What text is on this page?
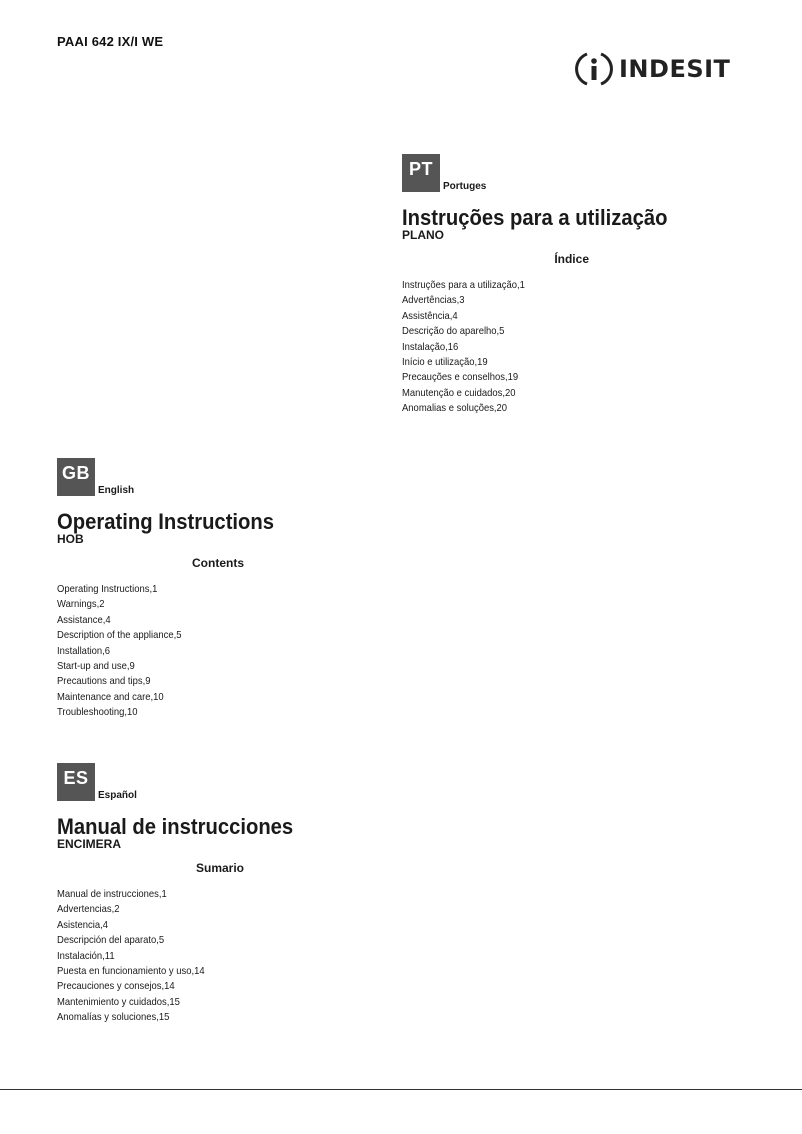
PAAI 642 IX/I WE
INDESIT
PT
Portuges
Instruções para a utilização
PLANO
Índice
Instruções para a utilização,1
Advertências,3
Assistência,4
Descrição do aparelho,5
Instalação,16
Início e utilização,19
Precauções e conselhos,19
Manutenção e cuidados,20
Anomalias e soluções,20
GB
English
Operating Instructions
HOB
Contents
Operating Instructions,1
Warnings,2
Assistance,4
Description of the appliance,5
Installation,6
Start-up and use,9
Precautions and tips,9
Maintenance and care,10
Troubleshooting,10
ES
Español
Manual de instrucciones
ENCIMERA
Sumario
Manual de instrucciones,1
Advertencias,2
Asistencia,4
Descripción del aparato,5
Instalación,11
Puesta en funcionamiento y uso,14
Precauciones y consejos,14
Mantenimiento y cuidados,15
Anomalías y soluciones,15
